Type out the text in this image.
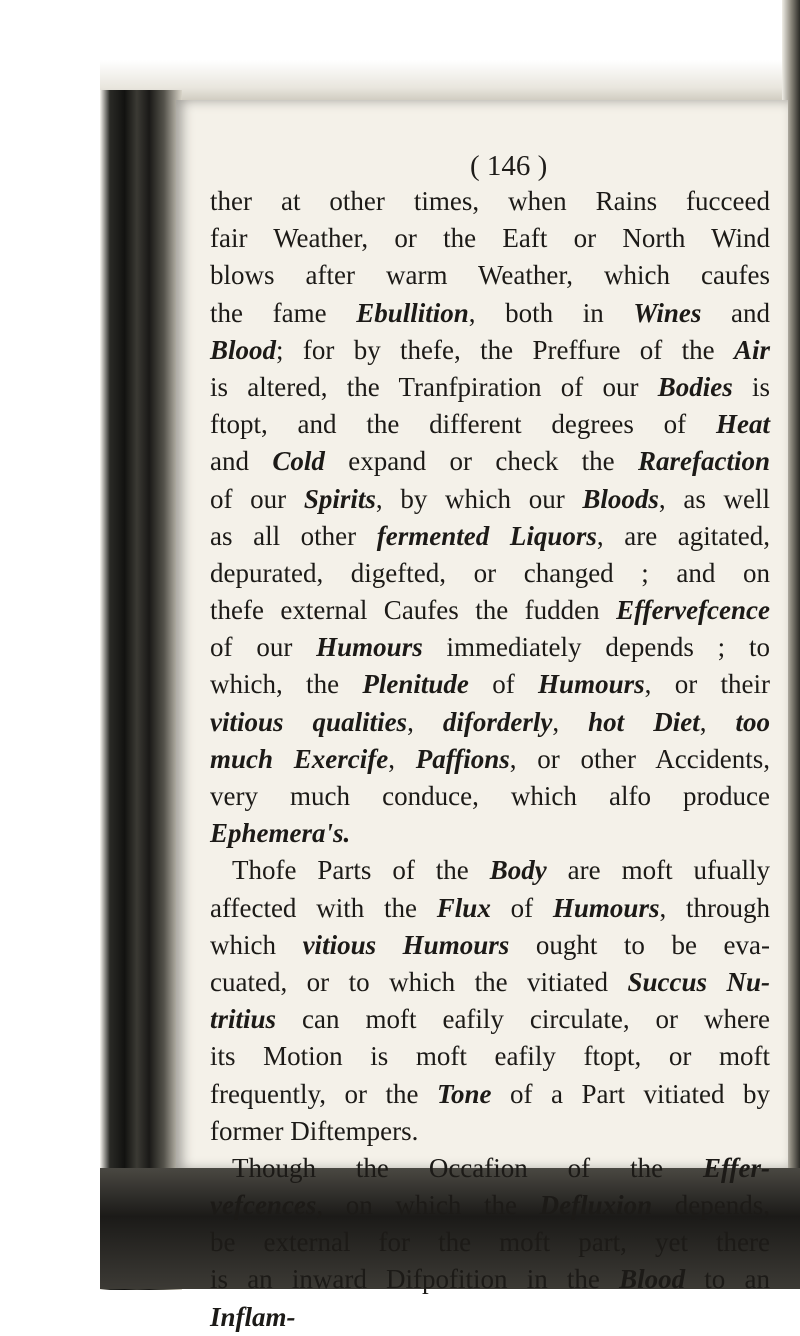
( 146 )
ther at other times, when Rains fucceed
fair Weather, or the Eaft or North Wind
blows after warm Weather, which caufes
the fame Ebullition, both in Wines and
Blood; for by thefe, the Preffure of the Air
is altered, the Tranfpiration of our Bodies is
ftopt, and the different degrees of Heat
and Cold expand or check the Rarefaction
of our Spirits, by which our Bloods, as well
as all other fermented Liquors, are agitated,
depurated, digefted, or changed ; and on
thefe external Caufes the fudden Effervefcence
of our Humours immediately depends ; to
which, the Plenitude of Humours, or their
vitious qualities, diforderly, hot Diet, too
much Exercife, Paffions, or other Accidents,
very much conduce, which alfo produce
Ephemera's.
Thofe Parts of the Body are moft ufually
affected with the Flux of Humours, through
which vitious Humours ought to be eva-
cuated, or to which the vitiated Succus Nu-
tritius can moft eafily circulate, or where
its Motion is moft eafily ftopt, or moft
frequently, or the Tone of a Part vitiated by
former Diftempers.
Though the Occafion of the Effer-
vefcences, on which the Defluxion depends,
be external for the moft part, yet there
is an inward Difpofition in the Blood to an
Inflam-
